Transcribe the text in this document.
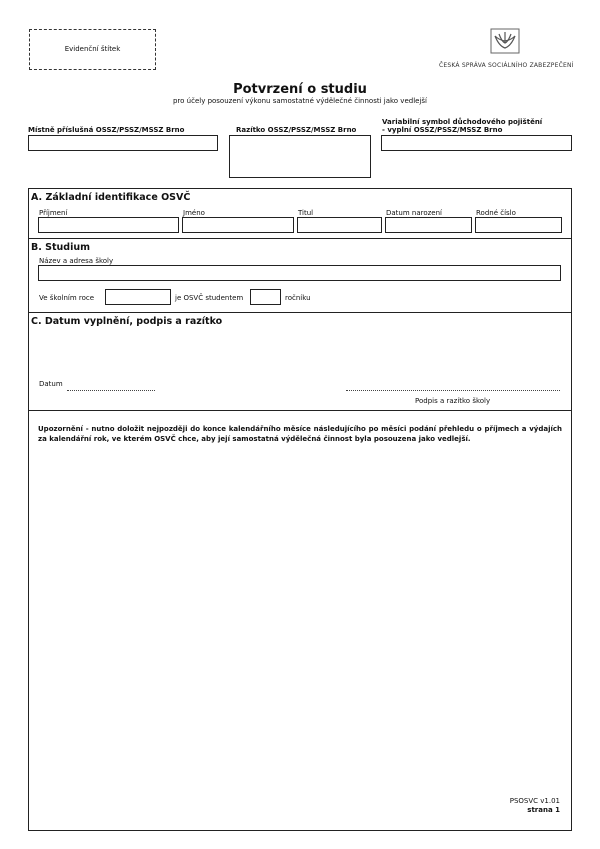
Evidenční štítek
ČESKÁ SPRÁVA SOCIÁLNÍHO ZABEZPEČENÍ
Potvrzení o studiu
pro účely posouzení výkonu samostatné výdělečné činnosti jako vedlejší
Místně příslušná OSSZ/PSSZ/MSSZ Brno	Razítko OSSZ/PSSZ/MSSZ Brno
Variabilní symbol důchodového pojištění
- vyplní OSSZ/PSSZ/MSSZ Brno
A. Základní identifikace OSVČ
Příjmení	Jméno	Titul	Datum narození	Rodné číslo
B. Studium
Název a adresa školy
Ve školním roce	je OSVČ studentem	ročníku
C. Datum vyplnění, podpis a razítko
Datum
Podpis a razítko školy
Upozornění - nutno doložit nejpozději do konce kalendářního měsíce následujícího po měsíci podání přehledu o příjmech a výdajích za kalendářní rok, ve kterém OSVČ chce, aby její samostatná výdělečná činnost byla posouzena jako vedlejší.
PSOSVC v1.01
strana 1
